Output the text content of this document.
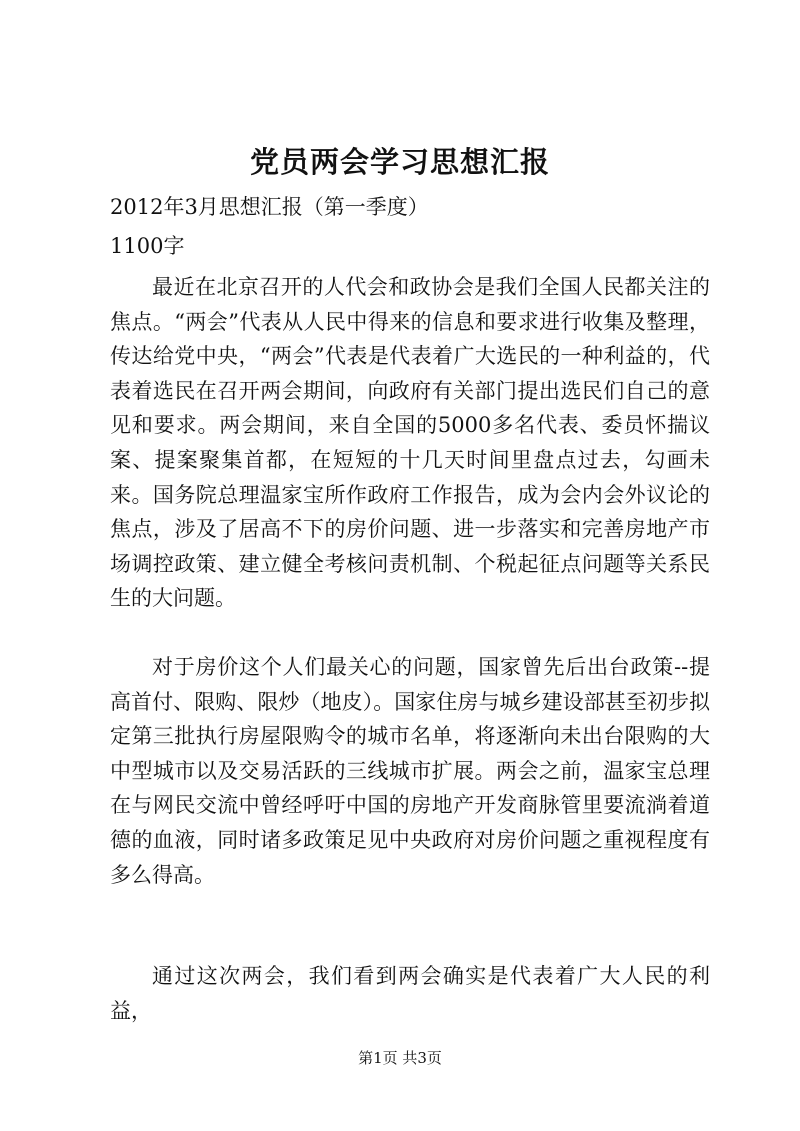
党员两会学习思想汇报
2012年3月思想汇报（第一季度）
1100字
最近在北京召开的人代会和政协会是我们全国人民都关注的焦点。“两会”代表从人民中得来的信息和要求进行收集及整理，传达给党中央，“两会”代表是代表着广大选民的一种利益的，代表着选民在召开两会期间，向政府有关部门提出选民们自己的意见和要求。两会期间，来自全国的5000多名代表、委员怀揣议案、提案聚集首都，在短短的十几天时间里盘点过去，勾画未来。国务院总理温家宝所作政府工作报告，成为会内会外议论的焦点，涉及了居高不下的房价问题、进一步落实和完善房地产市场调控政策、建立健全考核问责机制、个税起征点问题等关系民生的大问题。
对于房价这个人们最关心的问题，国家曾先后出台政策--提高首付、限购、限炒（地皮）。国家住房与城乡建设部甚至初步拟定第三批执行房屋限购令的城市名单，将逐渐向未出台限购的大中型城市以及交易活跃的三线城市扩展。两会之前，温家宝总理在与网民交流中曾经呼吁中国的房地产开发商脉管里要流淌着道德的血液，同时诸多政策足见中央政府对房价问题之重视程度有多么得高。
通过这次两会，我们看到两会确实是代表着广大人民的利益，
第1页 共3页
